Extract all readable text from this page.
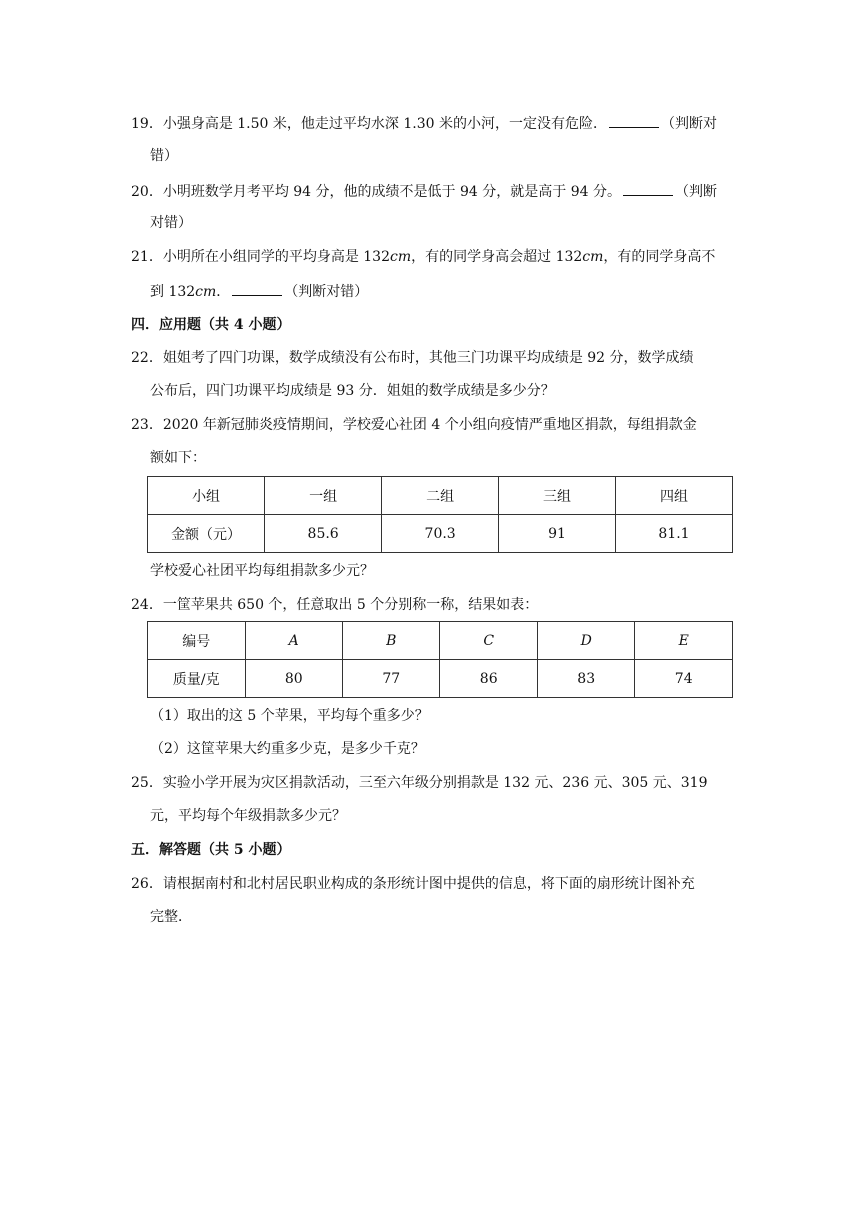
19．小强身高是 1.50 米，他走过平均水深 1.30 米的小河，一定没有危险．	（判断对
错）
20．小明班数学月考平均 94 分，他的成绩不是低于 94 分，就是高于 94 分。	（判断
对错）
21．小明所在小组同学的平均身高是 132cm，有的同学身高会超过 132cm，有的同学身高不
到 132cm．	（判断对错）
四．应用题（共 4 小题）
22．姐姐考了四门功课，数学成绩没有公布时，其他三门功课平均成绩是 92 分，数学成绩
公布后，四门功课平均成绩是 93 分．姐姐的数学成绩是多少分？
23．2020 年新冠肺炎疫情期间，学校爱心社团 4 个小组向疫情严重地区捐款，每组捐款金
额如下：
小组	一组	二组	三组	四组
金额（元）	85.6	70.3	91	81.1
学校爱心社团平均每组捐款多少元？
24．一筐苹果共 650 个，任意取出 5 个分别称一称，结果如表：
编号	A	B	C	D	E
质量/克	80	77	86	83	74
（1）取出的这 5 个苹果，平均每个重多少？
（2）这筐苹果大约重多少克，是多少千克？
25．实验小学开展为灾区捐款活动，三至六年级分别捐款是 132 元、236 元、305 元、319
元，平均每个年级捐款多少元？
五．解答题（共 5 小题）
26．请根据南村和北村居民职业构成的条形统计图中提供的信息，将下面的扇形统计图补充
完整．
